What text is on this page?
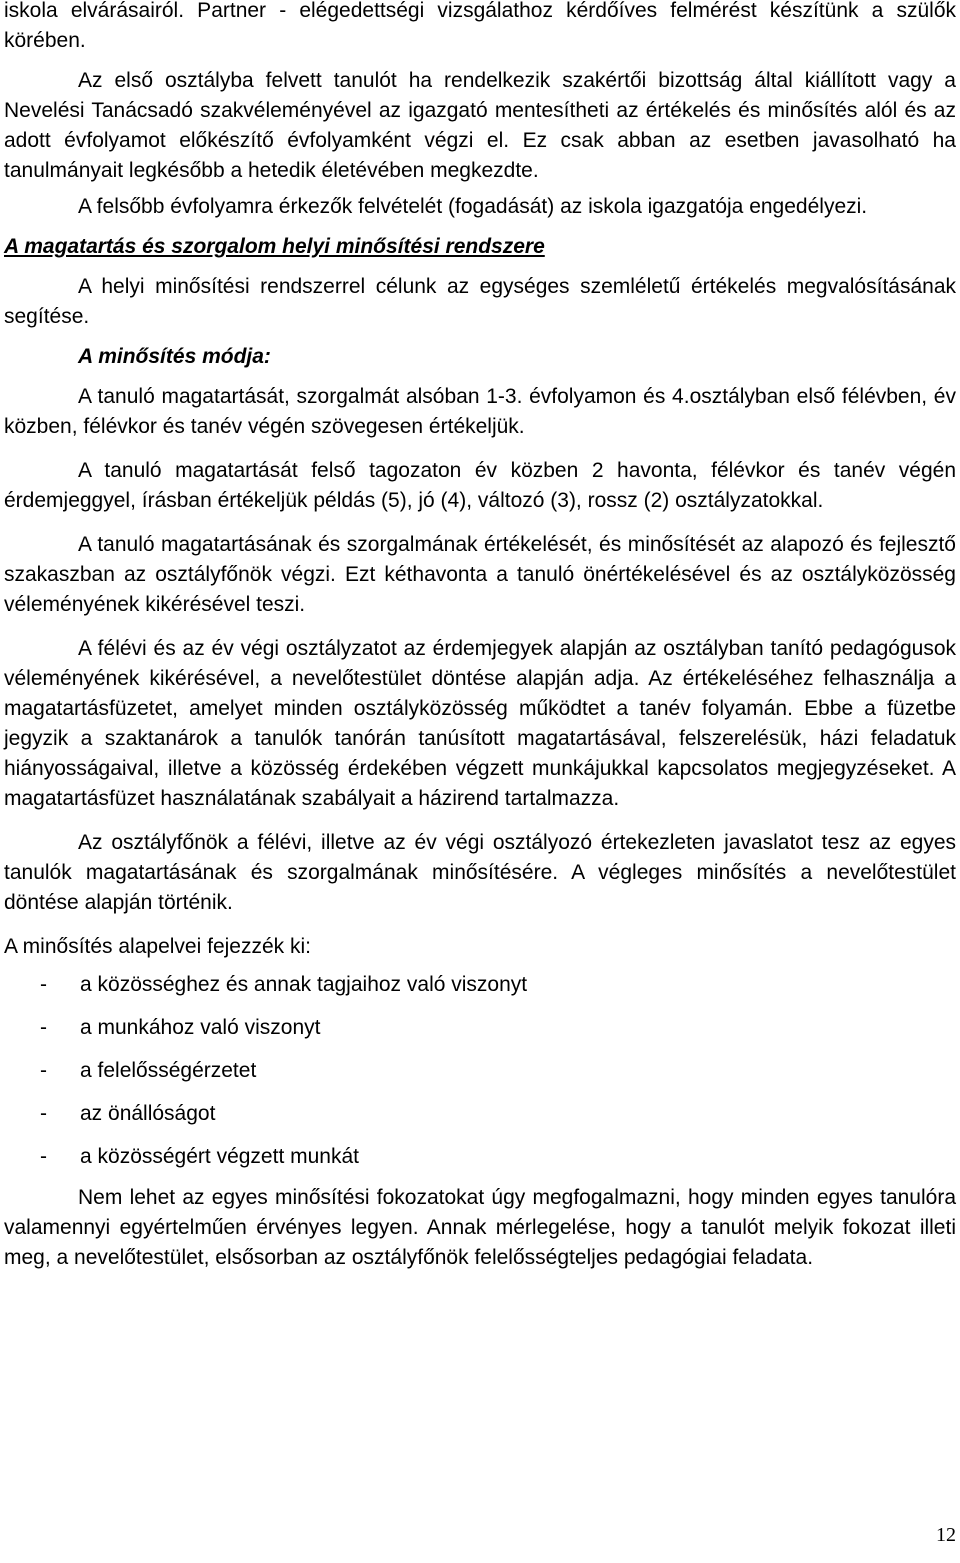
iskola elvárásairól. Partner - elégedettségi vizsgálathoz kérdőíves felmérést készítünk a szülők körében.

Az első osztályba felvett tanulót ha rendelkezik szakértői bizottság által kiállított vagy a Nevelési Tanácsadó szakvéleményével az igazgató mentesítheti az értékelés és minősítés alól és az adott évfolyamot előkészítő évfolyamként végzi el. Ez csak abban az esetben javasolható ha tanulmányait legkésőbb a hetedik életévében megkezdte.

A felsőbb évfolyamra érkezők felvételét (fogadását) az iskola igazgatója engedélyezi.

A magatartás és szorgalom helyi minősítési rendszere

A helyi minősítési rendszerrel célunk az egységes szemléletű értékelés megvalósításának segítése.

A minősítés módja:

A tanuló magatartását, szorgalmát alsóban 1-3. évfolyamon és 4.osztályban első félévben, év közben, félévkor és tanév végén szövegesen értékeljük.

A tanuló magatartását felső tagozaton év közben 2 havonta, félévkor és tanév végén érdemjeggyel, írásban értékeljük példás (5), jó (4), változó (3), rossz (2) osztályzatokkal.

A tanuló magatartásának és szorgalmának értékelését, és minősítését az alapozó és fejlesztő szakaszban az osztályfőnök végzi. Ezt kéthavonta a tanuló önértékelésével és az osztályközösség véleményének kikérésével teszi.

A félévi és az év végi osztályzatot az érdemjegyek alapján az osztályban tanító pedagógusok véleményének kikérésével, a nevelőtestület döntése alapján adja. Az értékeléséhez felhasználja a magatartásfüzetet, amelyet minden osztályközösség működtet a tanév folyamán. Ebbe a füzetbe jegyzik a szaktanárok a tanulók tanórán tanúsított magatartásával, felszerelésük, házi feladatuk hiányosságaival, illetve a közösség érdekében végzett munkájukkal kapcsolatos megjegyzéseket. A magatartásfüzet használatának szabályait a házirend tartalmazza.

Az osztályfőnök a félévi, illetve az év végi osztályozó értekezleten javaslatot tesz az egyes tanulók magatartásának és szorgalmának minősítésére. A végleges minősítés a nevelőtestület döntése alapján történik.

A minősítés alapelvei fejezzék ki:

- a közösséghez és annak tagjaihoz való viszonyt
- a munkához való viszonyt
- a felelősségérzetet
- az önállóságot
- a közösségért végzett munkát

Nem lehet az egyes minősítési fokozatokat úgy megfogalmazni, hogy minden egyes tanulóra valamennyi egyértelműen érvényes legyen. Annak mérlegelése, hogy a tanulót melyik fokozat illeti meg, a nevelőtestület, elsősorban az osztályfőnök felelősségteljes pedagógiai feladata.

12
